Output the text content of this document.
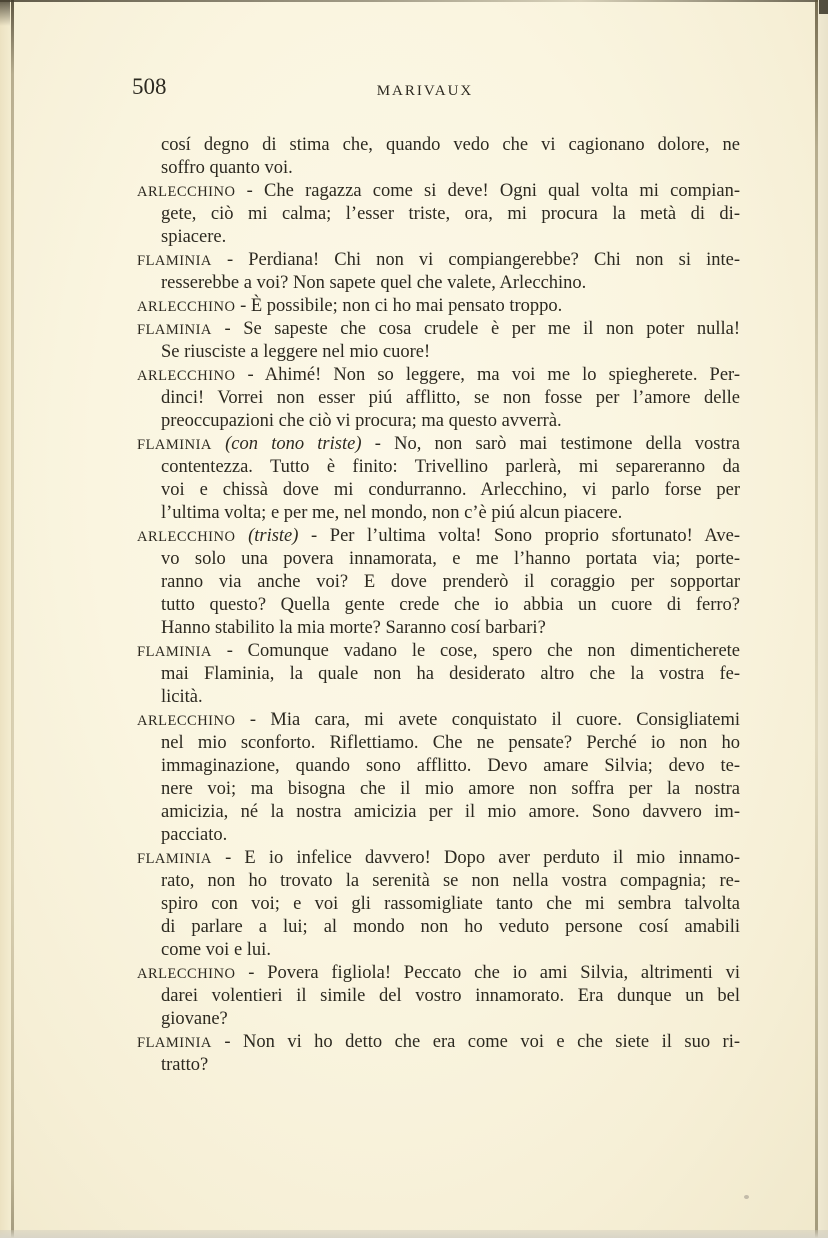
508	MARIVAUX
cosí degno di stima che, quando vedo che vi cagionano dolore, ne
soffro quanto voi.
ARLECCHINO - Che ragazza come si deve! Ogni qual volta mi compian-
gete, ciò mi calma; l’esser triste, ora, mi procura la metà di di-
spiacere.
FLAMINIA - Perdiana! Chi non vi compiangerebbe? Chi non si inte-
resserebbe a voi? Non sapete quel che valete, Arlecchino.
ARLECCHINO - È possibile; non ci ho mai pensato troppo.
FLAMINIA - Se sapeste che cosa crudele è per me il non poter nulla!
Se riusciste a leggere nel mio cuore!
ARLECCHINO - Ahimé! Non so leggere, ma voi me lo spiegherete. Per-
dinci! Vorrei non esser piú afflitto, se non fosse per l’amore delle
preoccupazioni che ciò vi procura; ma questo avverrà.
FLAMINIA (con tono triste) - No, non sarò mai testimone della vostra
contentezza. Tutto è finito: Trivellino parlerà, mi separeranno da
voi e chissà dove mi condurranno. Arlecchino, vi parlo forse per
l’ultima volta; e per me, nel mondo, non c’è piú alcun piacere.
ARLECCHINO (triste) - Per l’ultima volta! Sono proprio sfortunato! Ave-
vo solo una povera innamorata, e me l’hanno portata via; porte-
ranno via anche voi? E dove prenderò il coraggio per sopportar
tutto questo? Quella gente crede che io abbia un cuore di ferro?
Hanno stabilito la mia morte? Saranno cosí barbari?
FLAMINIA - Comunque vadano le cose, spero che non dimenticherete
mai Flaminia, la quale non ha desiderato altro che la vostra fe-
licità.
ARLECCHINO - Mia cara, mi avete conquistato il cuore. Consigliatemi
nel mio sconforto. Riflettiamo. Che ne pensate? Perché io non ho
immaginazione, quando sono afflitto. Devo amare Silvia; devo te-
nere voi; ma bisogna che il mio amore non soffra per la nostra
amicizia, né la nostra amicizia per il mio amore. Sono davvero im-
pacciato.
FLAMINIA - E io infelice davvero! Dopo aver perduto il mio innamo-
rato, non ho trovato la serenità se non nella vostra compagnia; re-
spiro con voi; e voi gli rassomigliate tanto che mi sembra talvolta
di parlare a lui; al mondo non ho veduto persone cosí amabili
come voi e lui.
ARLECCHINO - Povera figliola! Peccato che io ami Silvia, altrimenti vi
darei volentieri il simile del vostro innamorato. Era dunque un bel
giovane?
FLAMINIA - Non vi ho detto che era come voi e che siete il suo ri-
tratto?
